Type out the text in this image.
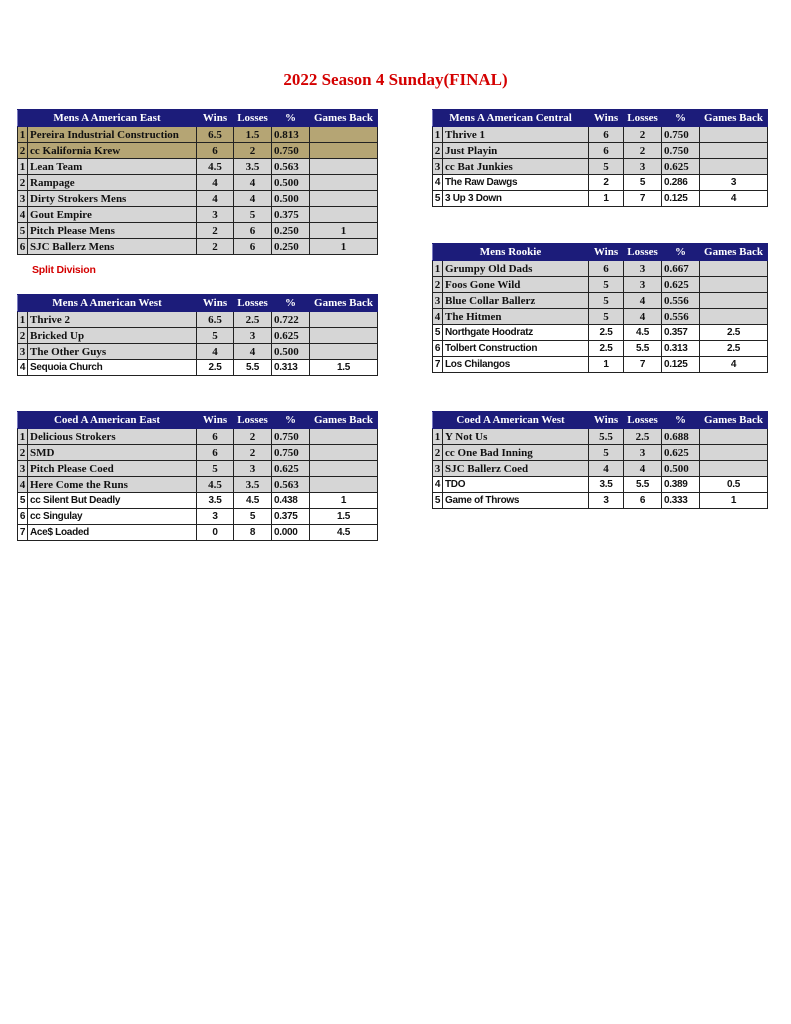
2022 Season 4 Sunday(FINAL)
Split Division
Mens A American East		Wins	Losses	%	Games Back
1	Pereira Industrial Construction	6.5	1.5	0.813	
2	cc Kalifornia Krew	6	2	0.750	
1	Lean Team	4.5	3.5	0.563	
2	Rampage	4	4	0.500	
3	Dirty Strokers Mens	4	4	0.500	
4	Gout Empire	3	5	0.375	
5	Pitch Please Mens	2	6	0.250	1
6	SJC Ballerz Mens	2	6	0.250	1
Mens A American Central		Wins	Losses	%	Games Back
1	Thrive 1	6	2	0.750	
2	Just Playin	6	2	0.750	
3	cc Bat Junkies	5	3	0.625	
4	The Raw Dawgs	2	5	0.286	3
5	3 Up 3 Down	1	7	0.125	4
Mens A American West		Wins	Losses	%	Games Back
1	Thrive 2	6.5	2.5	0.722	
2	Bricked Up	5	3	0.625	
3	The Other Guys	4	4	0.500	
4	Sequoia Church	2.5	5.5	0.313	1.5
Mens Rookie		Wins	Losses	%	Games Back
1	Grumpy Old Dads	6	3	0.667	
2	Foos Gone Wild	5	3	0.625	
3	Blue Collar Ballerz	5	4	0.556	
4	The Hitmen	5	4	0.556	
5	Northgate Hoodratz	2.5	4.5	0.357	2.5
6	Tolbert Construction	2.5	5.5	0.313	2.5
7	Los Chilangos	1	7	0.125	4
Coed A American East		Wins	Losses	%	Games Back
1	Delicious Strokers	6	2	0.750	
2	SMD	6	2	0.750	
3	Pitch Please Coed	5	3	0.625	
4	Here Come the Runs	4.5	3.5	0.563	
5	cc Silent But Deadly	3.5	4.5	0.438	1
6	cc Singulay	3	5	0.375	1.5
7	Ace$ Loaded	0	8	0.000	4.5
Coed A American West		Wins	Losses	%	Games Back
1	Y Not Us	5.5	2.5	0.688	
2	cc One Bad Inning	5	3	0.625	
3	SJC Ballerz Coed	4	4	0.500	
4	TDO	3.5	5.5	0.389	0.5
5	Game of Throws	3	6	0.333	1
